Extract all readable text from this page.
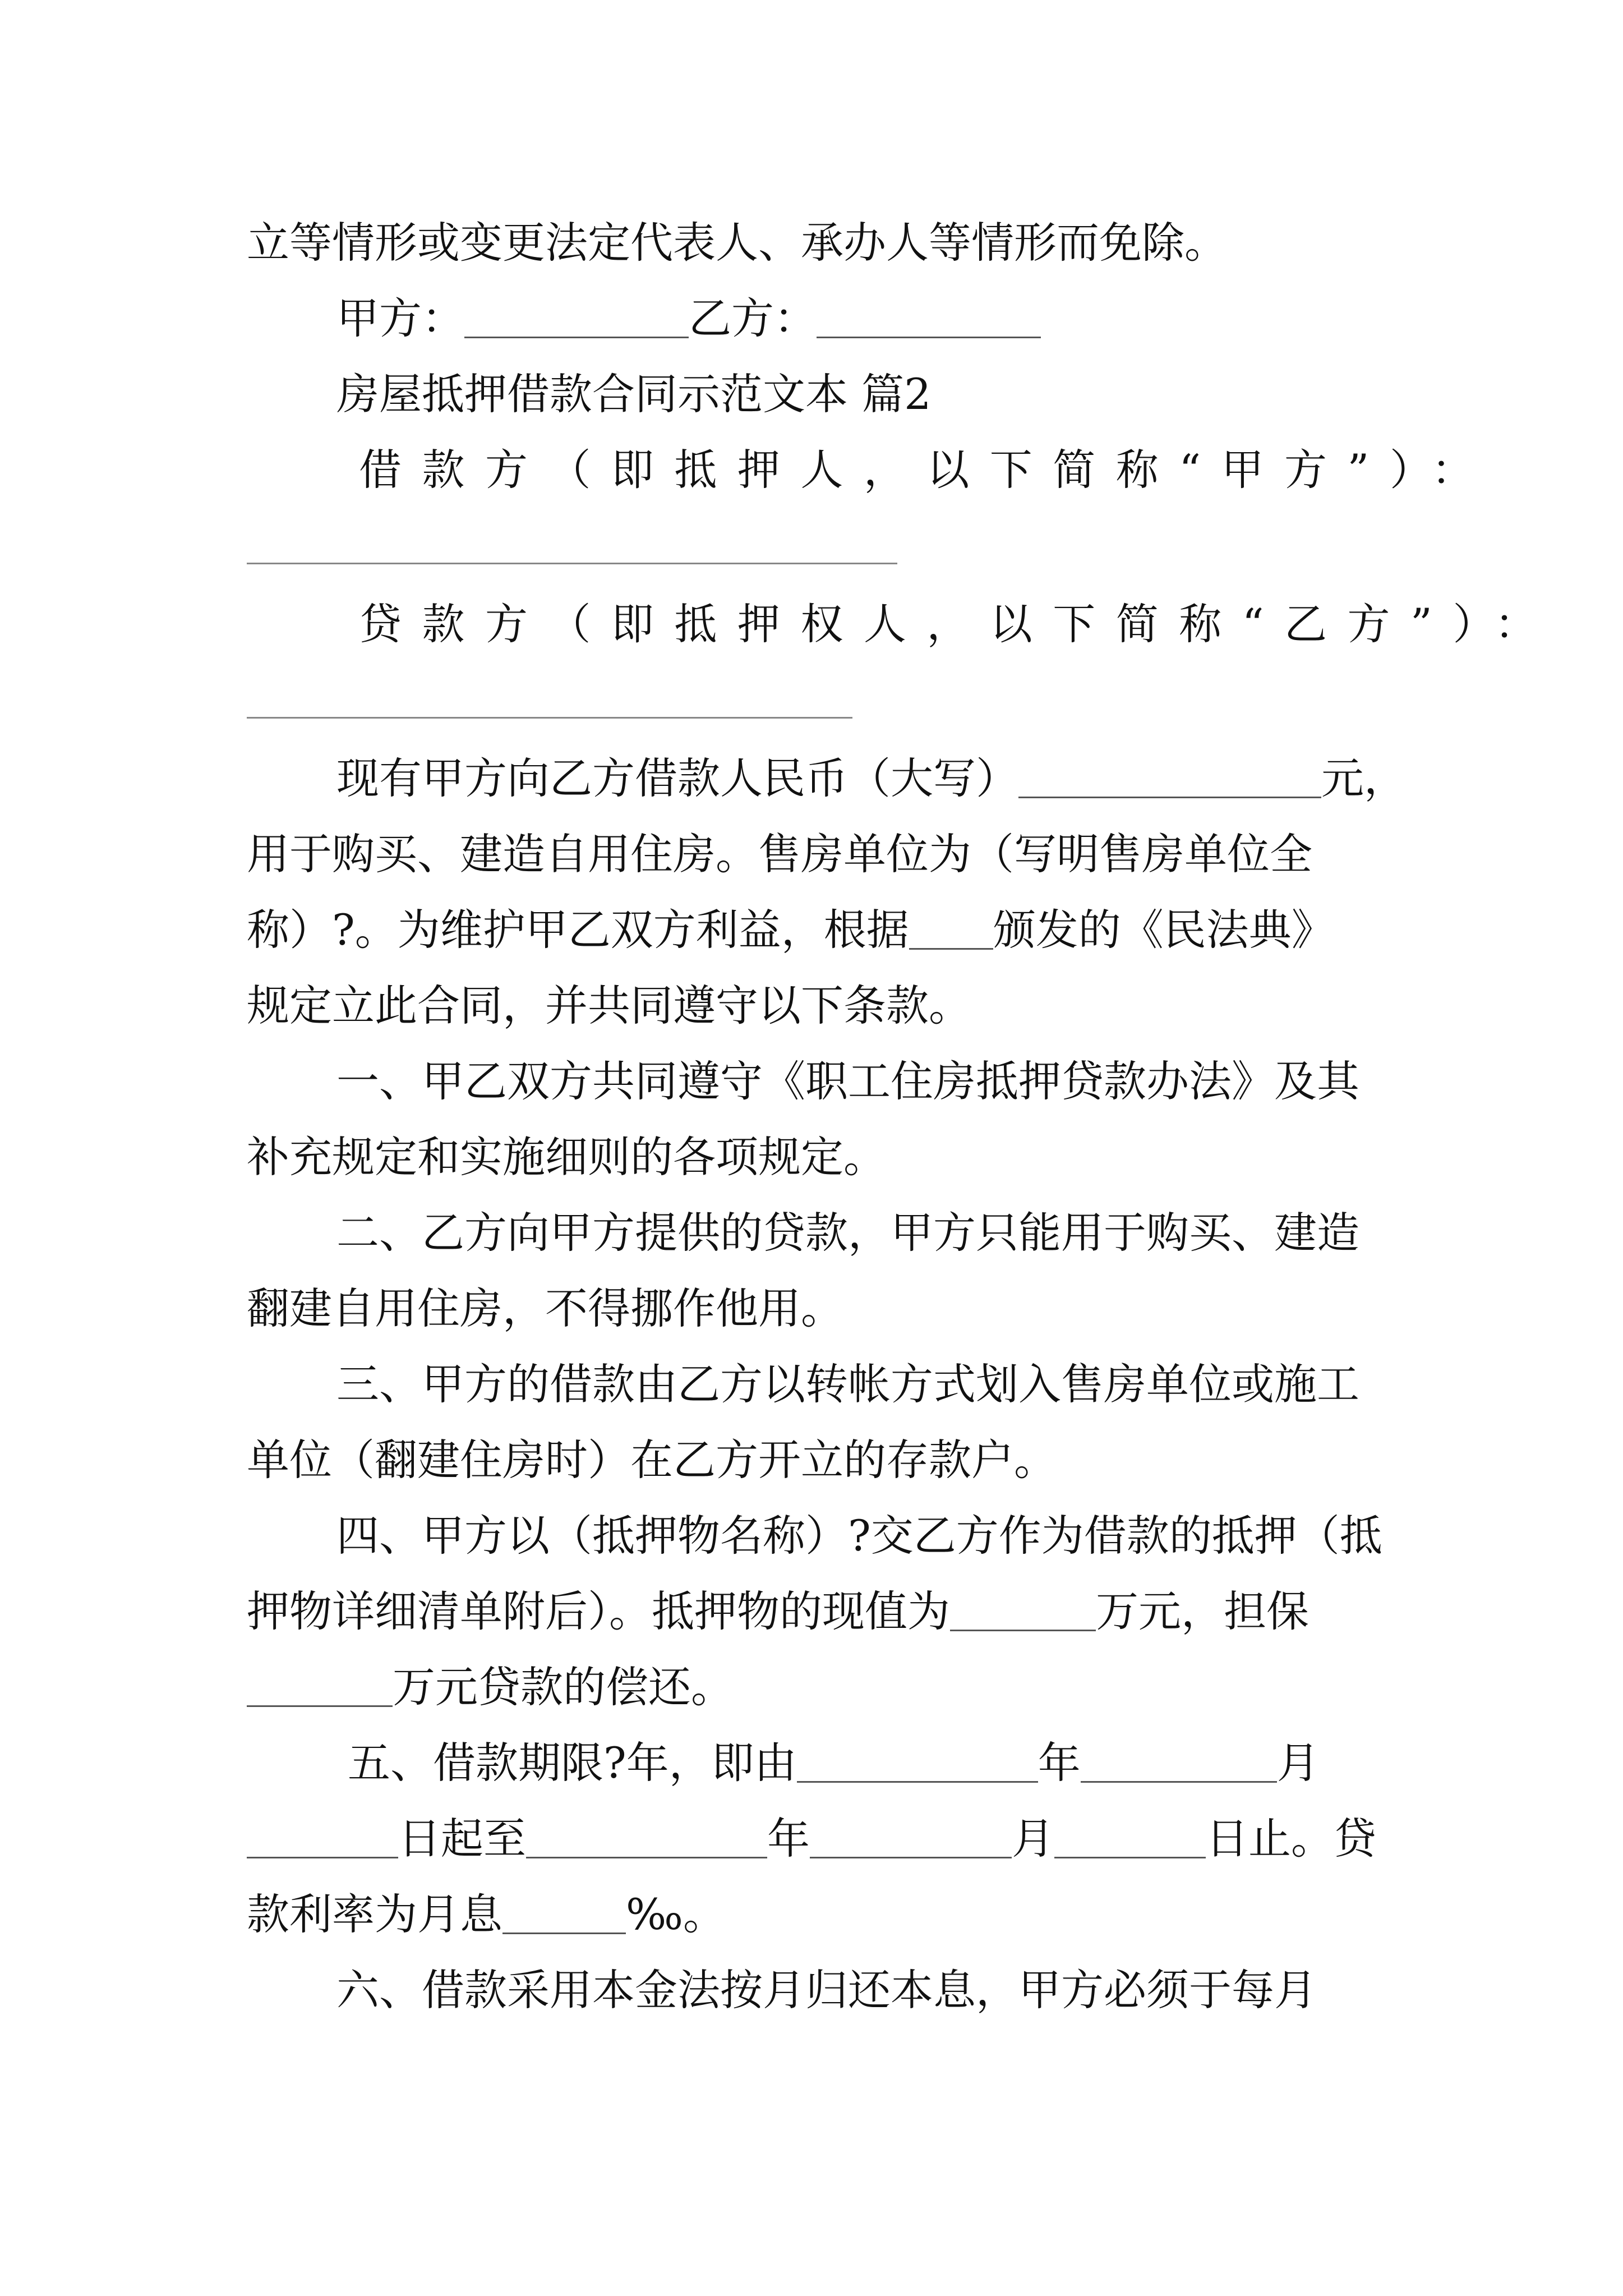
立等情形或变更法定代表人、承办人等情形而免除。
甲方：	乙方：
房屋抵押借款合同示范文本 篇2
借款方（即抵押人，以下简称“甲方”）：
贷款方（即抵押权人，以下简称“乙方”）：
现有甲方向乙方借款人民币（大写）	元，
用于购买、建造自用住房。售房单位为（写明售房单位全
称）?。为维护甲乙双方利益，根据 颁发的《民法典》
规定立此合同，并共同遵守以下条款。
一、甲乙双方共同遵守《职工住房抵押贷款办法》及其
补充规定和实施细则的各项规定。
二、乙方向甲方提供的贷款，甲方只能用于购买、建造
翻建自用住房，不得挪作他用。
三、甲方的借款由乙方以转帐方式划入售房单位或施工
单位（翻建住房时）在乙方开立的存款户。
四、甲方以（抵押物名称）?交乙方作为借款的抵押（抵
押物详细清单附后）。抵押物的现值为	万元，担保
万元贷款的偿还。
五、借款期限?年，即由	年	月
日起至	年	月	日止。贷
款利率为月息	‰。
六、借款采用本金法按月归还本息，甲方必须于每月
